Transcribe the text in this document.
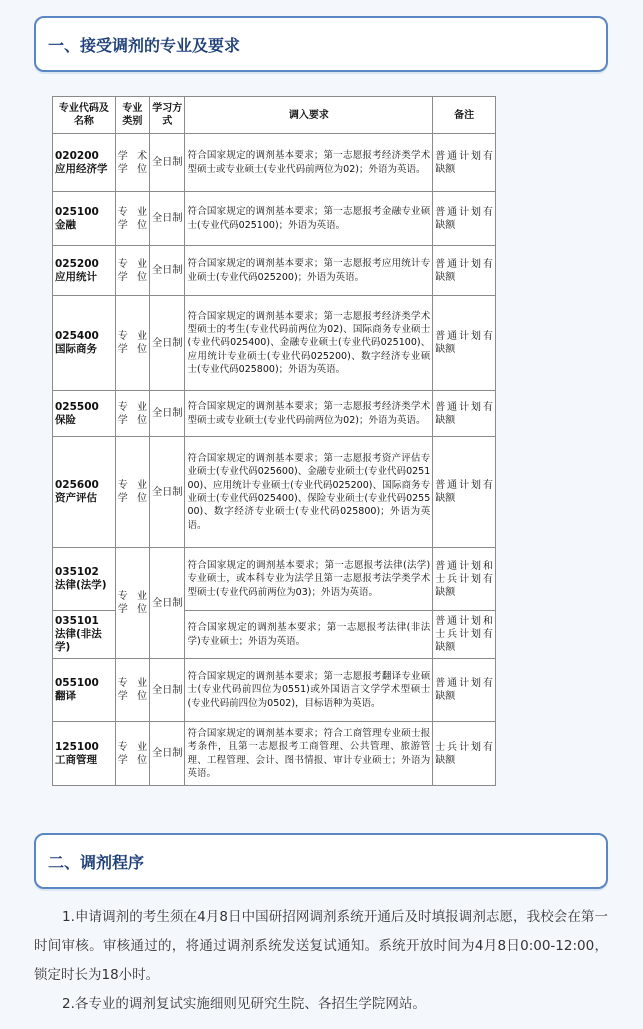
一、接受调剂的专业及要求
专业代码及名称	专业类别	学习方式	调入要求	备注
020200 应用经济学	学术学位	全日制	符合国家规定的调剂基本要求；第一志愿报考经济类学术型硕士或专业硕士(专业代码前两位为02)；外语为英语。	普通计划有缺额
025100 金融	专业学位	全日制	符合国家规定的调剂基本要求；第一志愿报考金融专业硕士(专业代码025100)；外语为英语。	普通计划有缺额
025200 应用统计	专业学位	全日制	符合国家规定的调剂基本要求；第一志愿报考应用统计专业硕士(专业代码025200)；外语为英语。	普通计划有缺额
025400 国际商务	专业学位	全日制	符合国家规定的调剂基本要求；第一志愿报考经济类学术型硕士的考生(专业代码前两位为02)、国际商务专业硕士(专业代码025400)、金融专业硕士(专业代码025100)、应用统计专业硕士(专业代码025200)、数字经济专业硕士(专业代码025800)；外语为英语。	普通计划有缺额
025500 保险	专业学位	全日制	符合国家规定的调剂基本要求；第一志愿报考经济类学术型硕士或专业硕士(专业代码前两位为02)；外语为英语。	普通计划有缺额
025600 资产评估	专业学位	全日制	符合国家规定的调剂基本要求；第一志愿报考资产评估专业硕士(专业代码025600)、金融专业硕士(专业代码025100)、应用统计专业硕士(专业代码025200)、国际商务专业硕士(专业代码025400)、保险专业硕士(专业代码025500)、数字经济专业硕士(专业代码025800)；外语为英语。	普通计划有缺额
035102 法律(法学)	专业学位	全日制	符合国家规定的调剂基本要求；第一志愿报考法律(法学)专业硕士，或本科专业为法学且第一志愿报考法学类学术型硕士(专业代码前两位为03)；外语为英语。	普通计划和士兵计划有缺额
035101 法律(非法学)			符合国家规定的调剂基本要求；第一志愿报考法律(非法学)专业硕士；外语为英语。	普通计划和士兵计划有缺额
055100 翻译	专业学位	全日制	符合国家规定的调剂基本要求；第一志愿报考翻译专业硕士(专业代码前四位为0551)或外国语言文学学术型硕士(专业代码前四位为0502)，目标语种为英语。	普通计划有缺额
125100 工商管理	专业学位	全日制	符合国家规定的调剂基本要求；符合工商管理专业硕士报考条件，且第一志愿报考工商管理、公共管理、旅游管理、工程管理、会计、图书情报、审计专业硕士；外语为英语。	士兵计划有缺额
二、调剂程序
1.申请调剂的考生须在4月8日中国研招网调剂系统开通后及时填报调剂志愿，我校会在第一时间审核。审核通过的，将通过调剂系统发送复试通知。系统开放时间为4月8日0:00-12:00，锁定时长为18小时。
2.各专业的调剂复试实施细则见研究生院、各招生学院网站。
